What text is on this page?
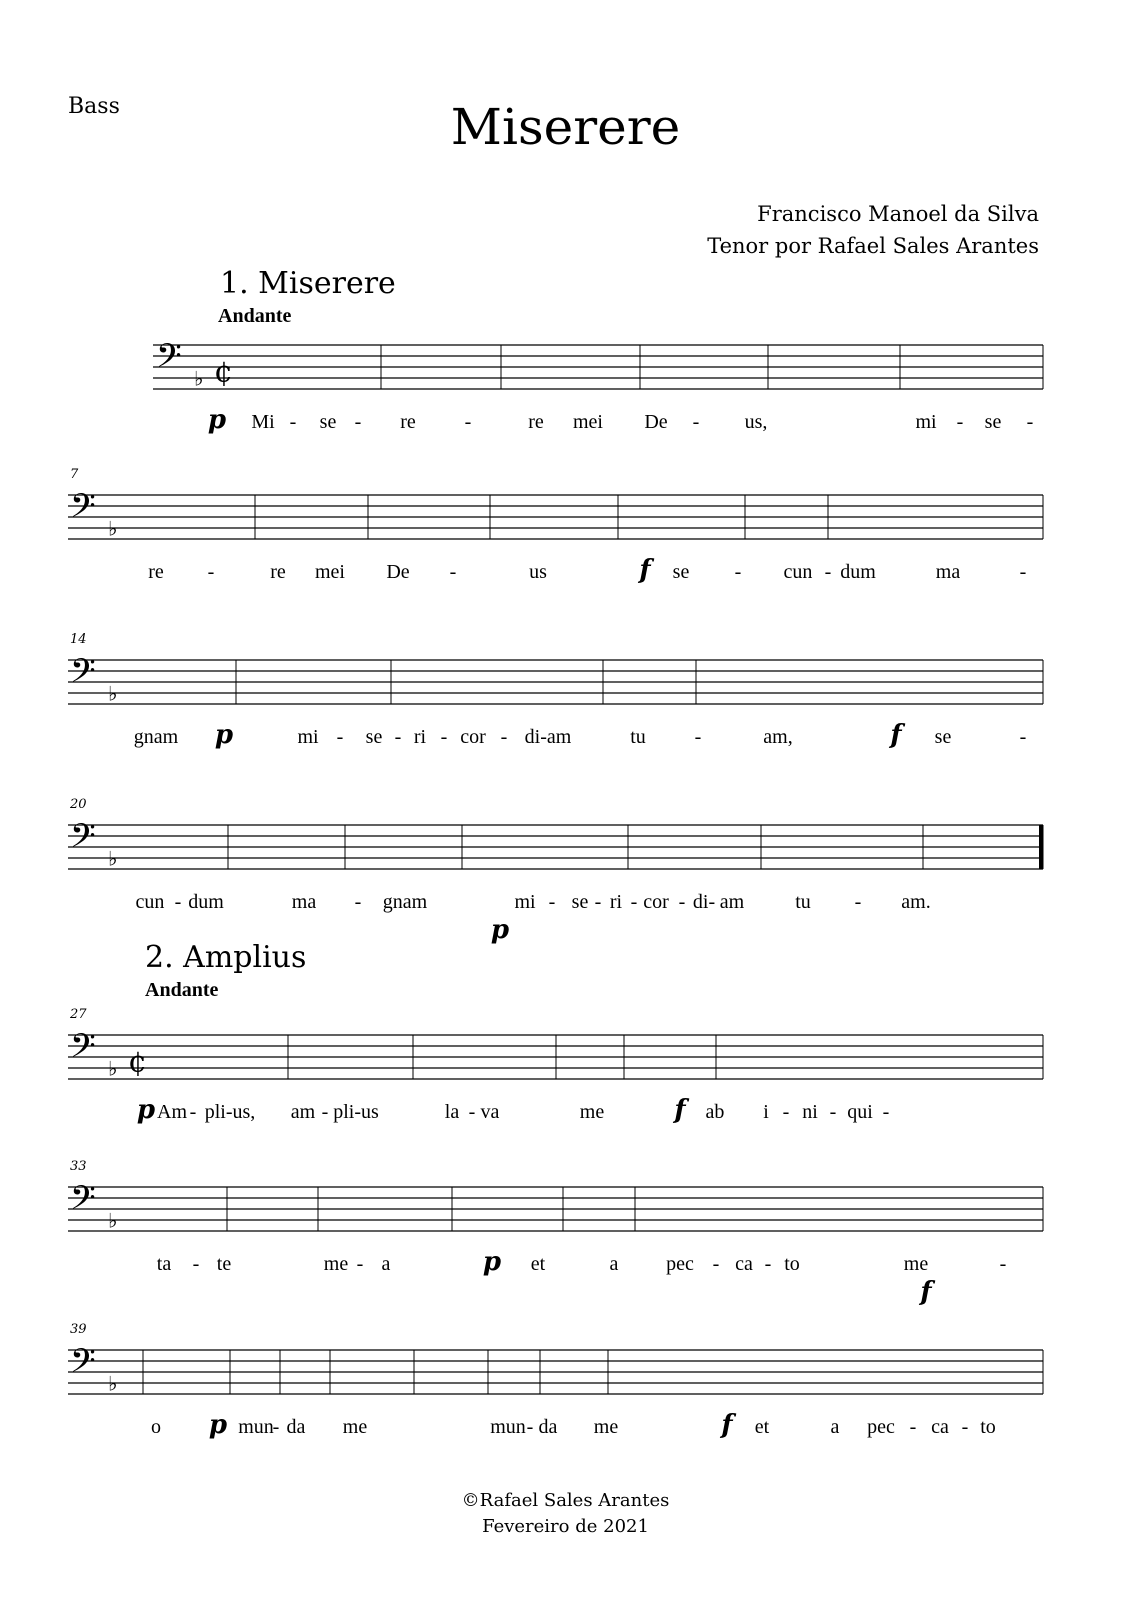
Bass	Miserere
Francisco Manoel da Silva
Tenor por Rafael Sales Arantes
1. Miserere
Andante
2. Amplius
Andante
𝄢 ♭ ¢
Mi - se - re -	re mei De - us,	mi - se -
p
𝄢 ♭
7
re -	re mei De -	us	se - cun - dum	ma	-
f
𝄢 ♭
14
gnam	mi - se - ri - cor - di-am	tu -	am,	se	-
p	f
𝄢 ♭
20
cun - dum	ma - gnam	mi - se - ri - cor - di- am	tu - am.
p
𝄢 ♭ ¢
27
Am - pli-us, am - pli-us	la - va	me	ab i - ni - qui -
p	f
𝄢 ♭
33
ta - te	me - a	et	a pec - ca - to	me	-
p
f
𝄢 ♭
39
o	mun
- da me	mun - da me	et	a pec - ca - to
p	f
©Rafael Sales Arantes
Fevereiro de 2021
